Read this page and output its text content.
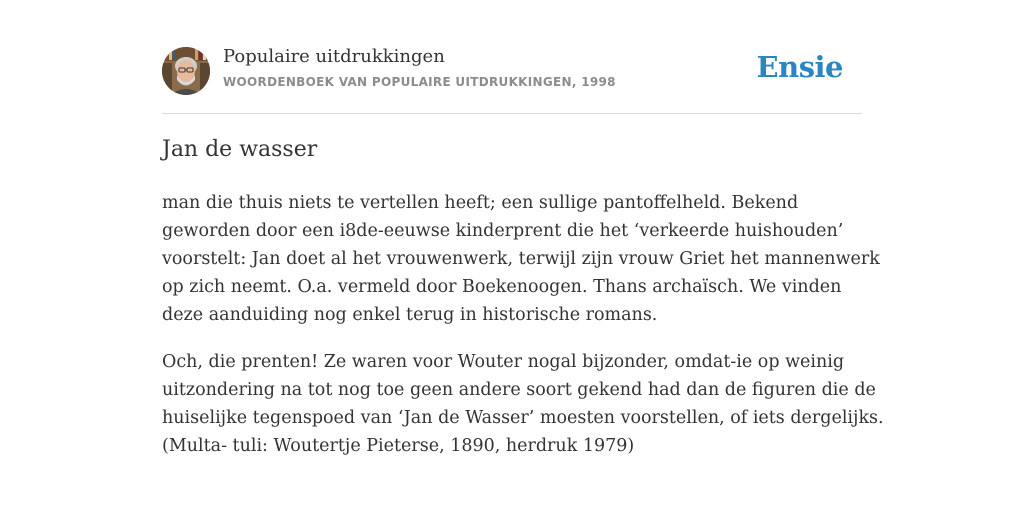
Populaire uitdrukkingen
WOORDENBOEK VAN POPULAIRE UITDRUKKINGEN, 1998	Ensie
Jan de wasser

man die thuis niets te vertellen heeft; een sullige pantoffelheld. Bekend
geworden door een i8de-eeuwse kinderprent die het ‘verkeerde huishouden’
voorstelt: Jan doet al het vrouwenwerk, terwijl zijn vrouw Griet het mannenwerk
op zich neemt. O.a. vermeld door Boekenoogen. Thans archaïsch. We vinden
deze aanduiding nog enkel terug in historische romans.

Och, die prenten! Ze waren voor Wouter nogal bijzonder, omdat-ie op weinig
uitzondering na tot nog toe geen andere soort gekend had dan de figuren die de
huiselijke tegenspoed van ‘Jan de Wasser’ moesten voorstellen, of iets dergelijks.
(Multa- tuli: Woutertje Pieterse, 1890, herdruk 1979)
